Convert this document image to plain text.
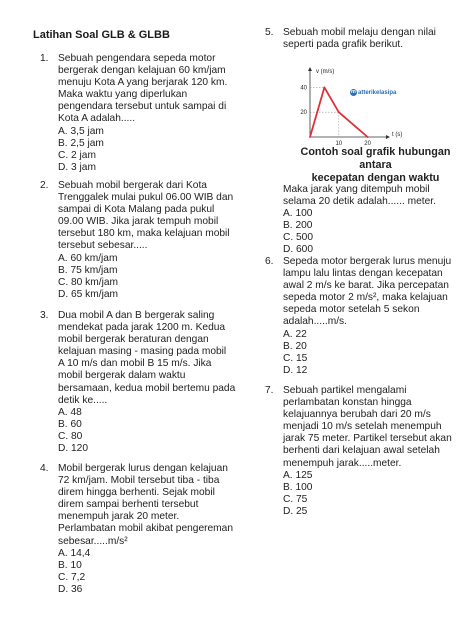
Latihan Soal GLB & GLBB
1. Sebuah pengendara sepeda motor
bergerak dengan kelajuan 60 km/jam
menuju Kota A yang berjarak 120 km.
Maka waktu yang diperlukan
pengendara tersebut untuk sampai di
Kota A adalah.....
A. 3,5 jam
B. 2,5 jam
C. 2 jam
D. 3 jam
2. Sebuah mobil bergerak dari Kota
Trenggalek mulai pukul 06.00 WIB dan
sampai di Kota Malang pada pukul
09.00 WIB. Jika jarak tempuh mobil
tersebut 180 km, maka kelajuan mobil
tersebut sebesar.....
A. 60 km/jam
B. 75 km/jam
C. 80 km/jam
D. 65 km/jam
3. Dua mobil A dan B bergerak saling
mendekat pada jarak 1200 m. Kedua
mobil bergerak beraturan dengan
kelajuan masing - masing pada mobil
A 10 m/s dan mobil B 15 m/s. Jika
mobil bergerak dalam waktu
bersamaan, kedua mobil bertemu pada
detik ke.....
A. 48
B. 60
C. 80
D. 120
4. Mobil bergerak lurus dengan kelajuan
72 km/jam. Mobil tersebut tiba - tiba
direm hingga berhenti. Sejak mobil
direm sampai berhenti tersebut
menempuh jarak 20 meter.
Perlambatan mobil akibat pengereman
sebesar.....m/s²
A. 14,4
B. 10
C. 7,2
D. 36
5. Sebuah mobil melaju dengan nilai
seperti pada grafik berikut.
40
20
10	20
t (s)
v (m/s)
m atterikelasipa
Contoh soal grafik hubungan antara
kecepatan dengan waktu
Maka jarak yang ditempuh mobil
selama 20 detik adalah...... meter.
A. 100
B. 200
C. 500
D. 600
6. Sepeda motor bergerak lurus menuju
lampu lalu lintas dengan kecepatan
awal 2 m/s ke barat. Jika percepatan
sepeda motor 2 m/s², maka kelajuan
sepeda motor setelah 5 sekon
adalah.....m/s.
A. 22
B. 20
C. 15
D. 12
7. Sebuah partikel mengalami
perlambatan konstan hingga
kelajuannya berubah dari 20 m/s
menjadi 10 m/s setelah menempuh
jarak 75 meter. Partikel tersebut akan
berhenti dari kelajuan awal setelah
menempuh jarak.....meter.
A. 125
B. 100
C. 75
D. 25
